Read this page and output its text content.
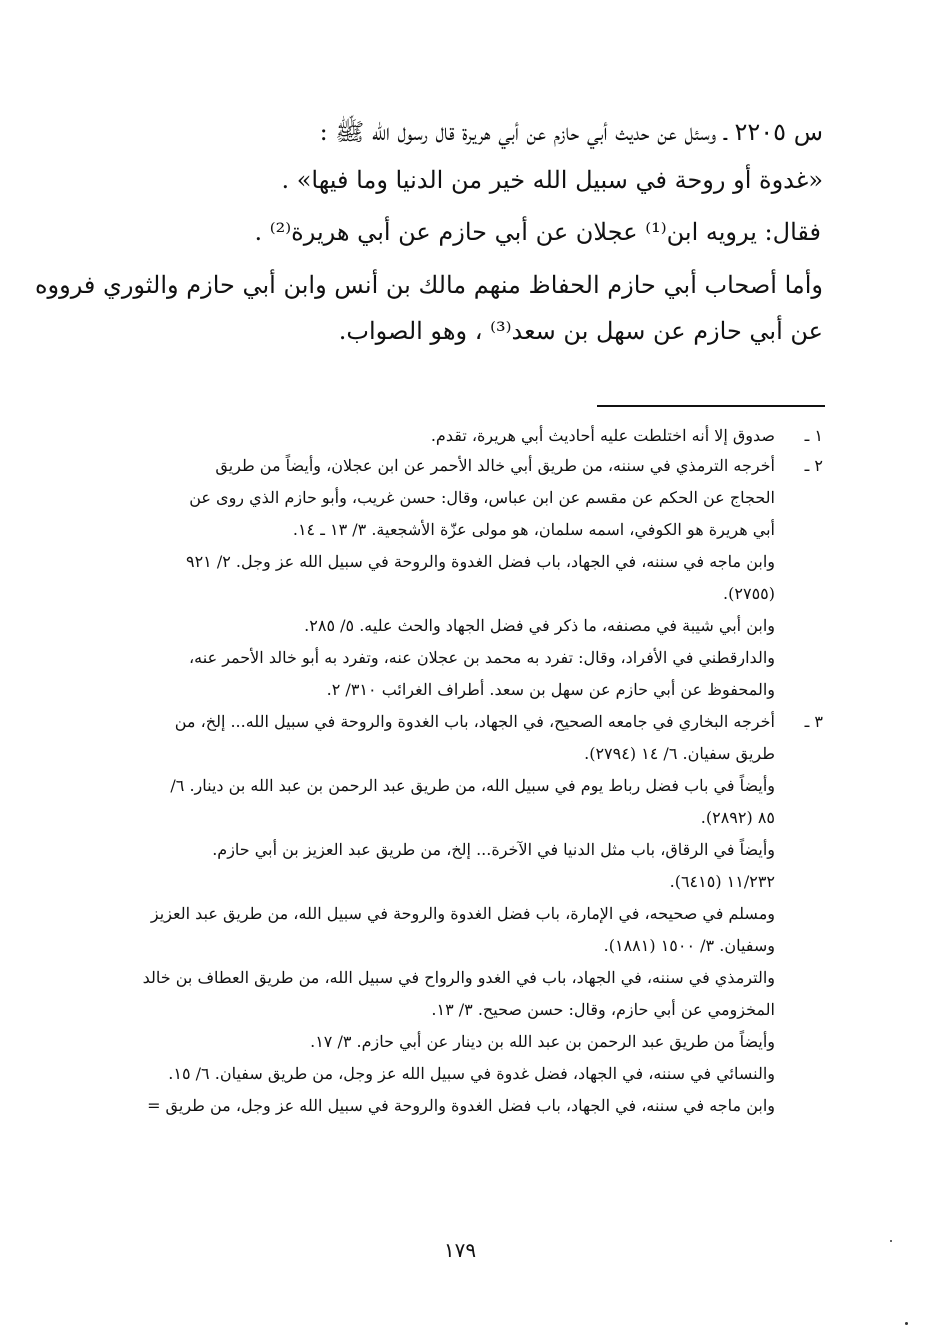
س ٢٢٠٥ ـ وسئل عن حديث أبي حازم عن أبي هريرة قال رسول الله ﷺ :

«غدوة أو روحة في سبيل الله خير من الدنيا وما فيها» .

فقال: يرويه ابن⁽¹⁾ عجلان عن أبي حازم عن أبي هريرة⁽²⁾ .

وأما أصحاب أبي حازم الحفاظ منهم مالك بن أنس وابن أبي حازم والثوري فرووه

عن أبي حازم عن سهل بن سعد⁽³⁾ ، وهو الصواب.

١ ـ
صدوق إلا أنه اختلطت عليه أحاديث أبي هريرة، تقدم.
٢ ـ
أخرجه الترمذي في سننه، من طريق أبي خالد الأحمر عن ابن عجلان، وأيضاً من طريق
الحجاج عن الحكم عن مقسم عن ابن عباس، وقال: حسن غريب، وأبو حازم الذي روى عن
أبي هريرة هو الكوفي، اسمه سلمان، هو مولى عزّة الأشجعية. ٣/ ١٣ ـ ١٤.
وابن ماجه في سننه، في الجهاد، باب فضل الغدوة والروحة في سبيل الله عز وجل. ٢/ ٩٢١
(٢٧٥٥).
وابن أبي شيبة في مصنفه، ما ذكر في فضل الجهاد والحث عليه. ٥/ ٢٨٥.
والدارقطني في الأفراد، وقال: تفرد به محمد بن عجلان عنه، وتفرد به أبو خالد الأحمر عنه،
والمحفوظ عن أبي حازم عن سهل بن سعد. أطراف الغرائب ٣١٠/ ٢.
٣ ـ
أخرجه البخاري في جامعه الصحيح، في الجهاد، باب الغدوة والروحة في سبيل الله... إلخ، من
طريق سفيان. ٦/ ١٤ (٢٧٩٤).
وأيضاً في باب فضل رباط يوم في سبيل الله، من طريق عبد الرحمن بن عبد الله بن دينار. ٦/
٨٥ (٢٨٩٢).
وأيضاً في الرقاق، باب مثل الدنيا في الآخرة... إلخ، من طريق عبد العزيز بن أبي حازم.
١١/٢٣٢ (٦٤١٥).
ومسلم في صحيحه، في الإمارة، باب فضل الغدوة والروحة في سبيل الله، من طريق عبد العزيز
وسفيان. ٣/ ١٥٠٠ (١٨٨١).
والترمذي في سننه، في الجهاد، باب في الغدو والرواح في سبيل الله، من طريق العطاف بن خالد
المخزومي عن أبي حازم، وقال: حسن صحيح. ٣/ ١٣.
وأيضاً من طريق عبد الرحمن بن عبد الله بن دينار عن أبي حازم. ٣/ ١٧.
والنسائي في سننه، في الجهاد، فضل غدوة في سبيل الله عز وجل، من طريق سفيان. ٦/ ١٥.
وابن ماجه في سننه، في الجهاد، باب فضل الغدوة والروحة في سبيل الله عز وجل، من طريق =
١٧٩
